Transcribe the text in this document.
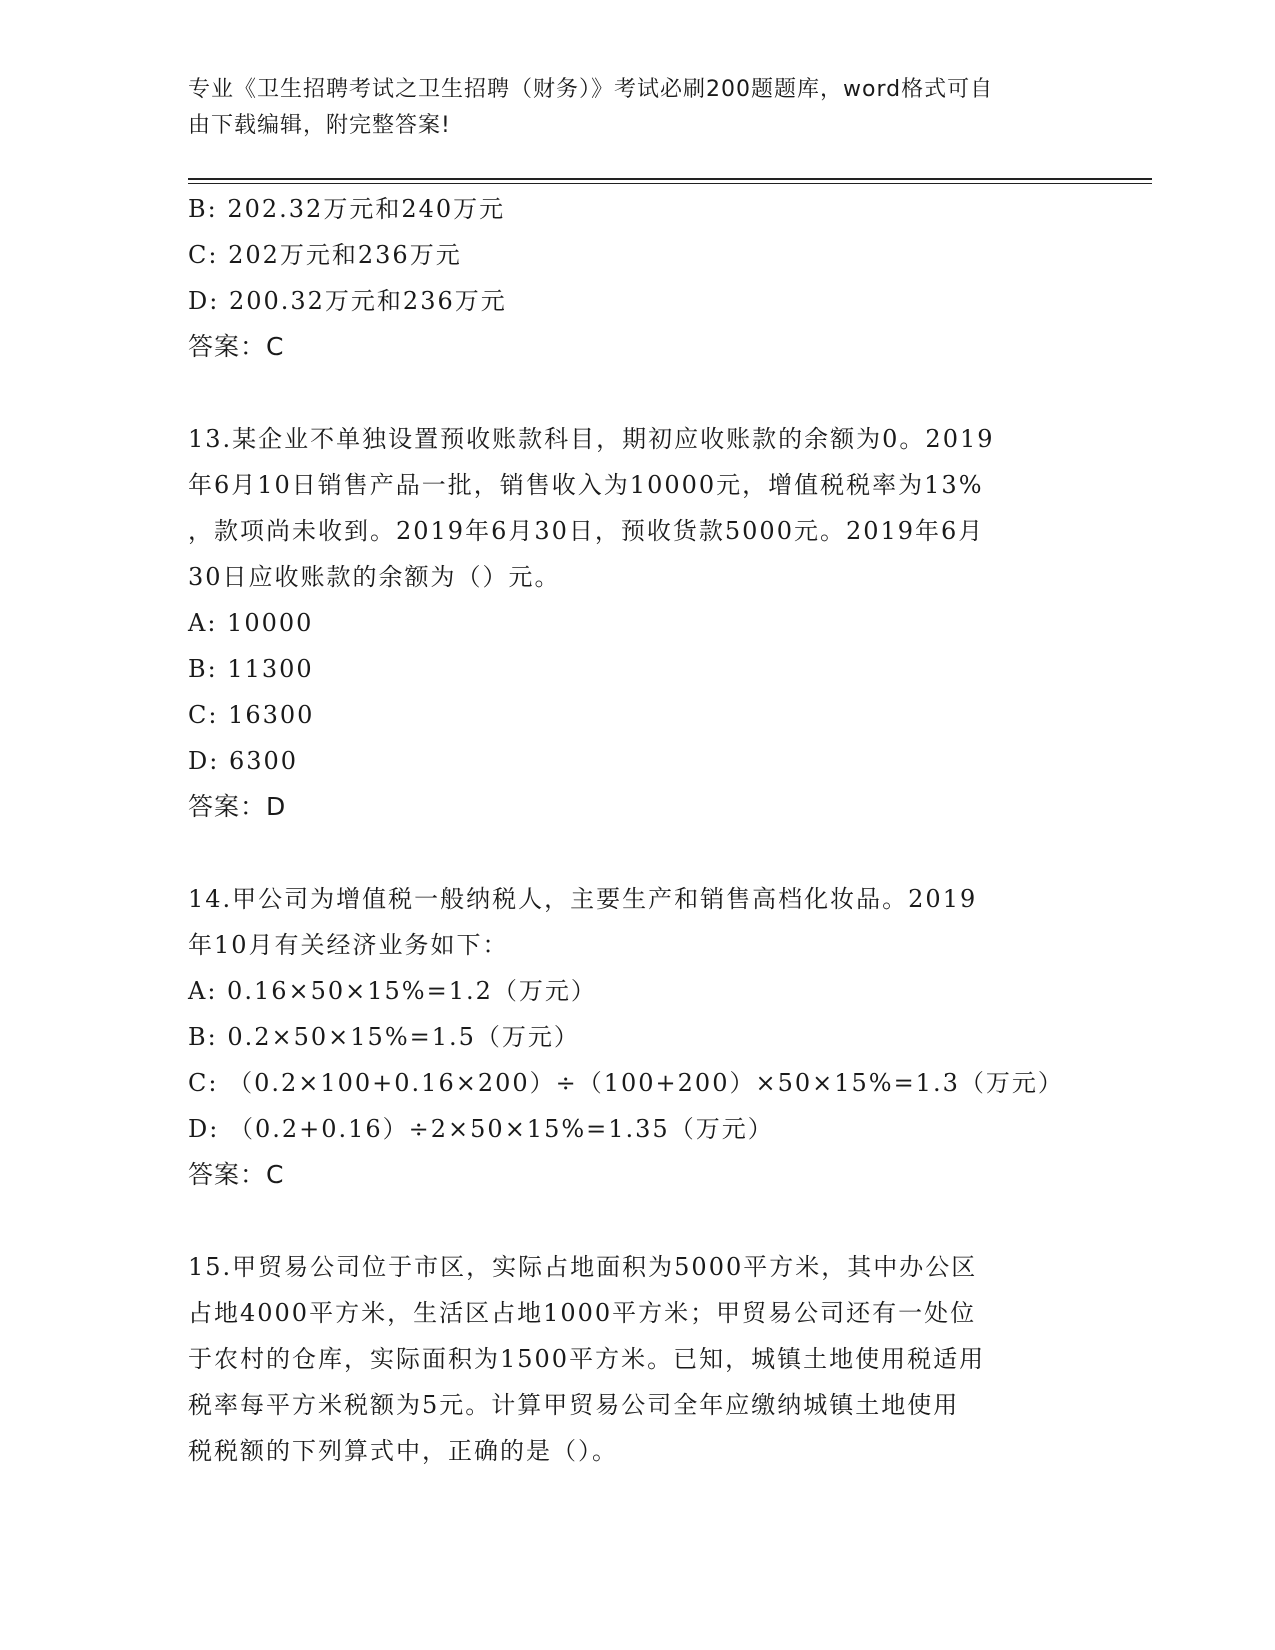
专业《卫生招聘考试之卫生招聘（财务）》考试必刷200题题库，word格式可自
由下载编辑，附完整答案!
B: 202.32万元和240万元
C: 202万元和236万元
D: 200.32万元和236万元
答案：C
13.某企业不单独设置预收账款科目，期初应收账款的余额为0。2019
年6月10日销售产品一批，销售收入为10000元，增值税税率为13%
，款项尚未收到。2019年6月30日，预收货款5000元。2019年6月
30日应收账款的余额为（）元。
A: 10000
B: 11300
C: 16300
D: 6300
答案：D
14.甲公司为增值税一般纳税人，主要生产和销售高档化妆品。2019
年10月有关经济业务如下：
A: 0.16×50×15%=1.2（万元）
B: 0.2×50×15%=1.5（万元）
C: （0.2×100+0.16×200）÷（100+200）×50×15%=1.3（万元）
D: （0.2+0.16）÷2×50×15%=1.35（万元）
答案：C
15.甲贸易公司位于市区，实际占地面积为5000平方米，其中办公区
占地4000平方米，生活区占地1000平方米；甲贸易公司还有一处位
于农村的仓库，实际面积为1500平方米。已知，城镇土地使用税适用
税率每平方米税额为5元。计算甲贸易公司全年应缴纳城镇土地使用
税税额的下列算式中，正确的是（）。
